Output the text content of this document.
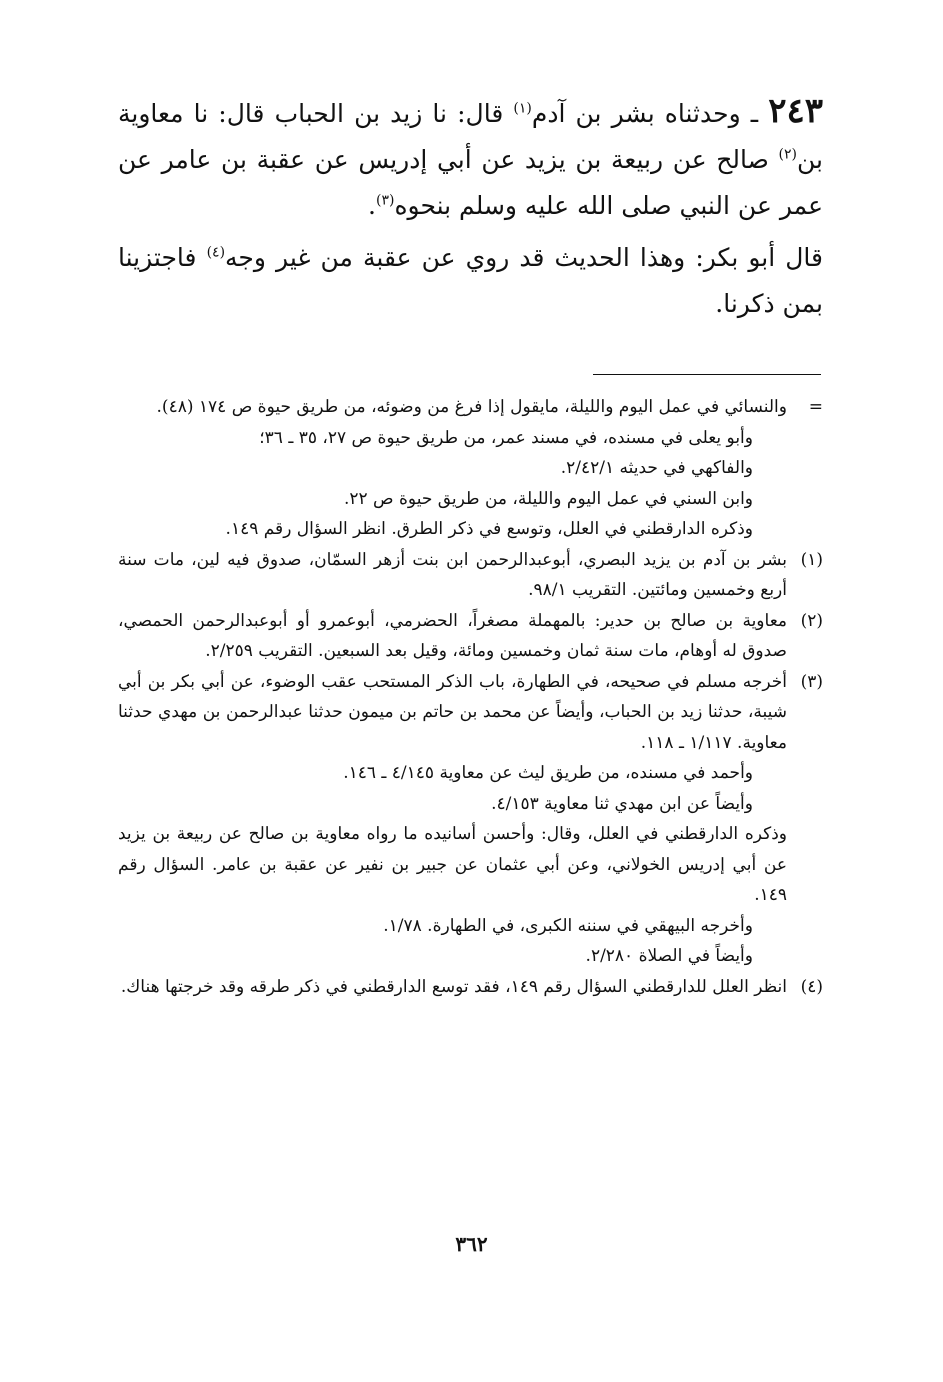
٢٤٣ ـ وحدثناه بشر بن آدم$^{(١)}$ قال: نا زيد بن الحباب قال: نا معاوية بن$^{(٢)}$ صالح عن ربيعة بن يزيد عن أبي إدريس عن عقبة بن عامر عن عمر عن النبي صلى الله عليه وسلم بنحوه$^{(٣)}$.

قال أبو بكر: وهذا الحديث قد روي عن عقبة من غير وجه$^{(٤)}$ فاجتزينا بمن ذكرنا.

=

والنسائي في عمل اليوم والليلة، مايقول إذا فرغ من وضوئه، من طريق حيوة ص ١٧٤ (٤٨).

وأبو يعلى في مسنده، في مسند عمر، من طريق حيوة ص ٢٧، ٣٥ ـ ٣٦؛

والفاكهي في حديثه ٢/٤٢/١.

وابن السني في عمل اليوم والليلة، من طريق حيوة ص ٢٢.

وذكره الدارقطني في العلل، وتوسع في ذكر الطرق. انظر السؤال رقم ١٤٩.

(١)

بشر بن آدم بن يزيد البصري، أبوعبدالرحمن ابن بنت أزهر السمّان، صدوق فيه لين، مات سنة أربع وخمسين ومائتين. التقريب ٩٨/١.

(٢)

معاوية بن صالح بن حدير: بالمهملة مصغراً، الحضرمي، أبوعمرو أو أبوعبدالرحمن الحمصي، صدوق له أوهام، مات سنة ثمان وخمسين ومائة، وقيل بعد السبعين. التقريب ٢/٢٥٩.

(٣)

أخرجه مسلم في صحيحه، في الطهارة، باب الذكر المستحب عقب الوضوء، عن أبي بكر بن أبي شيبة، حدثنا زيد بن الحباب، وأيضاً عن محمد بن حاتم بن ميمون حدثنا عبدالرحمن بن مهدي حدثنا معاوية. ١/١١٧ ـ ١١٨.

وأحمد في مسنده، من طريق ليث عن معاوية ٤/١٤٥ ـ ١٤٦.

وأيضاً عن ابن مهدي ثنا معاوية ٤/١٥٣.

وذكره الدارقطني في العلل، وقال: وأحسن أسانيده ما رواه معاوية بن صالح عن ربيعة بن يزيد عن أبي إدريس الخولاني، وعن أبي عثمان عن جبير بن نفير عن عقبة بن عامر. السؤال رقم ١٤٩.

وأخرجه البيهقي في سننه الكبرى، في الطهارة. ١/٧٨.

وأيضاً في الصلاة ٢/٢٨٠.

(٤)

انظر العلل للدارقطني السؤال رقم ١٤٩، فقد توسع الدارقطني في ذكر طرقه وقد خرجتها هناك.

٣٦٢
